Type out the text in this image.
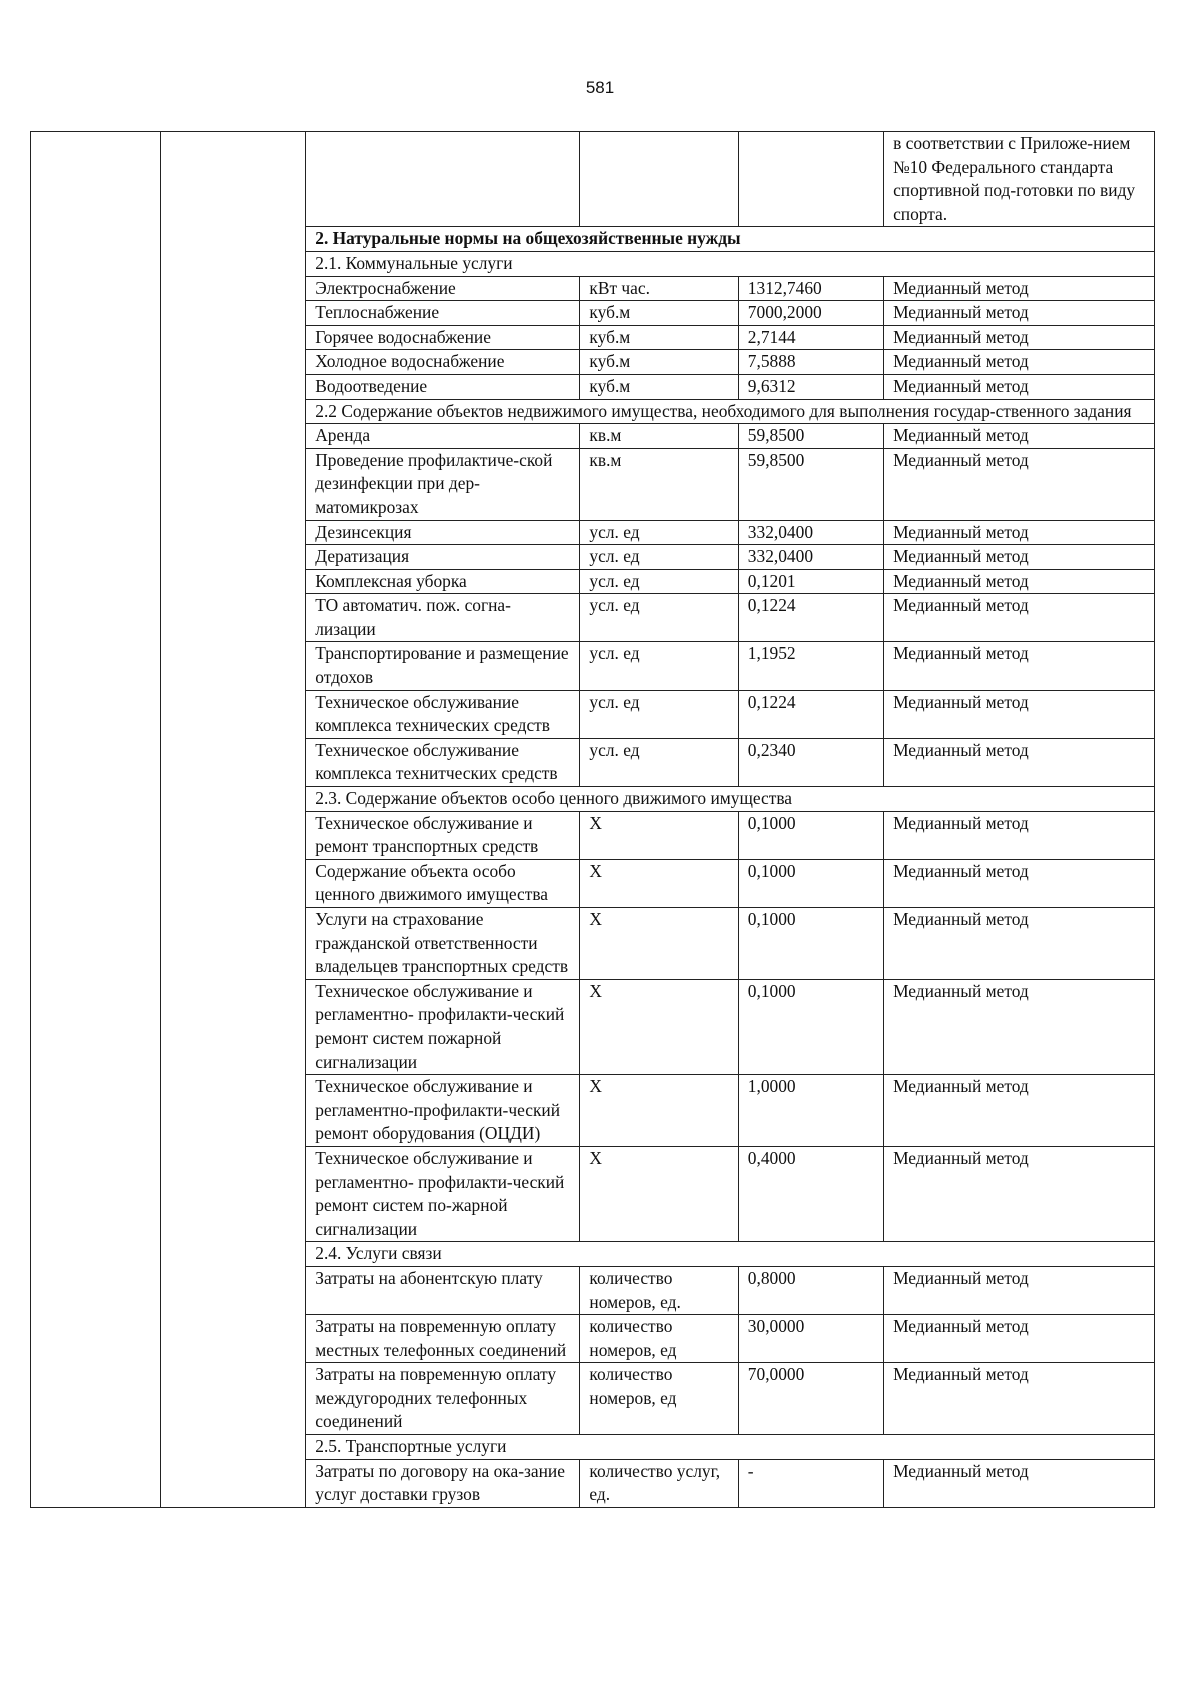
581
					в соответствии с Приложе-нием №10 Федерального стандарта спортивной под-готовки по виду спорта.
		2. Натуральные нормы на общехозяйственные нужды			
		2.1. Коммунальные услуги			
		Электроснабжение	кВт час.	1312,7460	Медианный метод
		Теплоснабжение	куб.м	7000,2000	Медианный метод
		Горячее водоснабжение	куб.м	2,7144	Медианный метод
		Холодное водоснабжение	куб.м	7,5888	Медианный метод
		Водоотведение	куб.м	9,6312	Медианный метод
		2.2 Содержание объектов недвижимого имущества, необходимого для выполнения государ-ственного задания			
		Аренда	кв.м	59,8500	Медианный метод
		Проведение профилактиче-ской дезинфекции при дер-матомикрозах	кв.м	59,8500	Медианный метод
		Дезинсекция	усл. ед	332,0400	Медианный метод
		Дератизация	усл. ед	332,0400	Медианный метод
		Комплексная уборка	усл. ед	0,1201	Медианный метод
		ТО автоматич. пож. согна-лизации	усл. ед	0,1224	Медианный метод
		Транспортирование и размещение отдохов	усл. ед	1,1952	Медианный метод
		Техническое обслуживание комплекса технических средств	усл. ед	0,1224	Медианный метод
		Техническое обслуживание комплекса технитческих средств	усл. ед	0,2340	Медианный метод
		2.3. Содержание объектов особо ценного движимого имущества			
		Техническое обслуживание и ремонт транспортных средств	Х	0,1000	Медианный метод
		Содержание объекта особо ценного движимого имущества	Х	0,1000	Медианный метод
		Услуги на страхование гражданской ответственности владельцев транспортных средств	Х	0,1000	Медианный метод
		Техническое обслуживание и регламентно- профилакти-ческий ремонт систем пожарной сигнализации	Х	0,1000	Медианный метод
		Техническое обслуживание и регламентно-профилакти-ческий ремонт оборудования (ОЦДИ)	Х	1,0000	Медианный метод
		Техническое обслуживание и регламентно- профилакти-ческий ремонт систем по-жарной сигнализации	Х	0,4000	Медианный метод
		2.4. Услуги связи			
		Затраты на абонентскую плату	количество номеров, ед.	0,8000	Медианный метод
		Затраты на повременную оплату местных телефонных соединений	количество номеров, ед	30,0000	Медианный метод
		Затраты на повременную оплату междугородних телефонных соединений	количество номеров, ед	70,0000	Медианный метод
		2.5. Транспортные услуги			
		Затраты по договору на ока-зание услуг доставки грузов	количество услуг, ед.	-	Медианный метод
